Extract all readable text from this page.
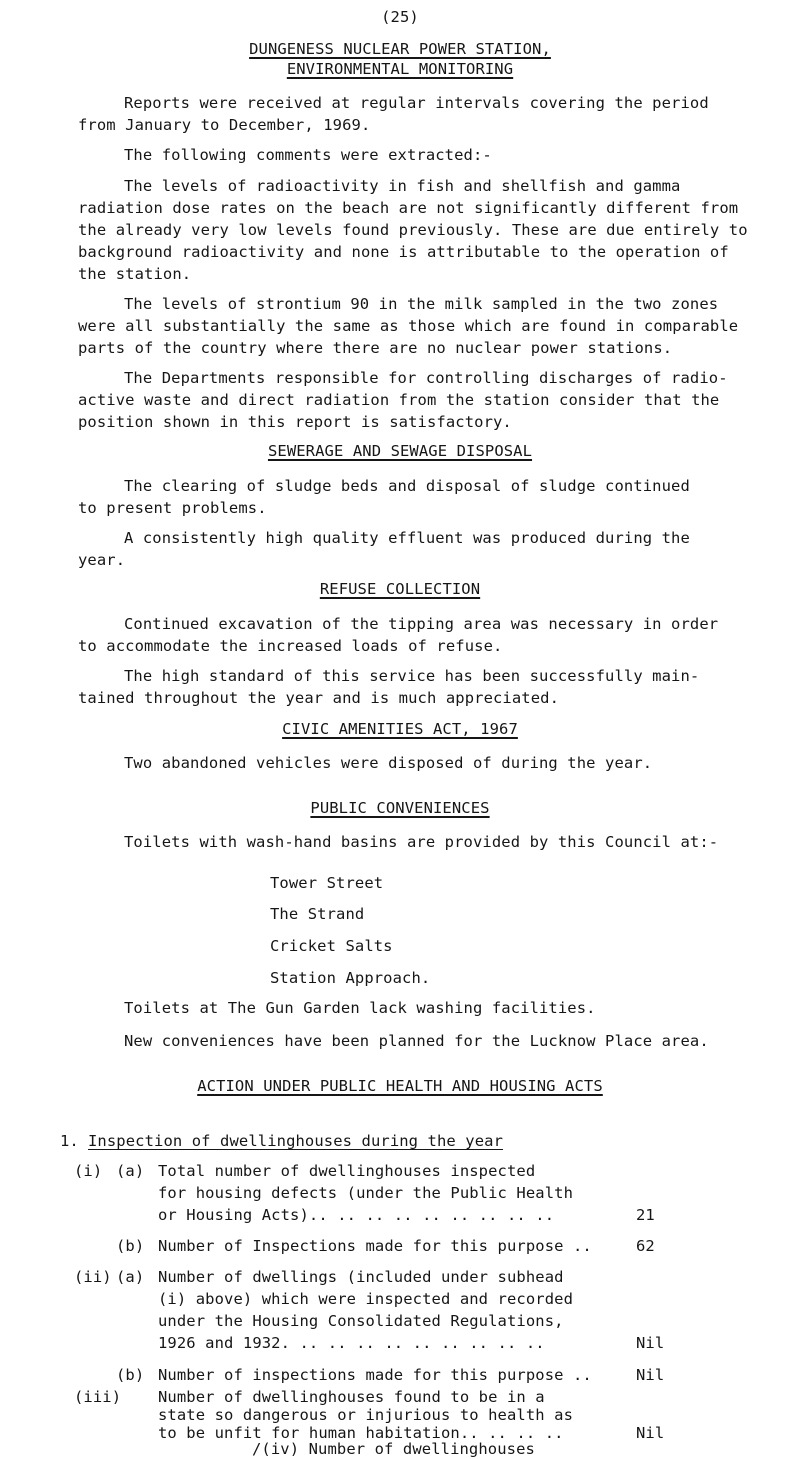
(25)
DUNGENESS NUCLEAR POWER STATION,
ENVIRONMENTAL MONITORING
Reports were received at regular intervals covering the period
from January to December, 1969.
The following comments were extracted:-
The levels of radioactivity in fish and shellfish and gamma
radiation dose rates on the beach are not significantly different from
the already very low levels found previously. These are due entirely to
background radioactivity and none is attributable to the operation of
the station.
The levels of strontium 90 in the milk sampled in the two zones
were all substantially the same as those which are found in comparable
parts of the country where there are no nuclear power stations.
The Departments responsible for controlling discharges of radio-
active waste and direct radiation from the station consider that the
position shown in this report is satisfactory.
SEWERAGE AND SEWAGE DISPOSAL
The clearing of sludge beds and disposal of sludge continued
to present problems.
A consistently high quality effluent was produced during the
year.
REFUSE COLLECTION
Continued excavation of the tipping area was necessary in order
to accommodate the increased loads of refuse.
The high standard of this service has been successfully main-
tained throughout the year and is much appreciated.
CIVIC AMENITIES ACT, 1967
Two abandoned vehicles were disposed of during the year.
PUBLIC CONVENIENCES
Toilets with wash-hand basins are provided by this Council at:-
Tower Street
The Strand
Cricket Salts
Station Approach.
Toilets at The Gun Garden lack washing facilities.
New conveniences have been planned for the Lucknow Place area.
ACTION UNDER PUBLIC HEALTH AND HOUSING ACTS
1. Inspection of dwellinghouses during the year
(i) (a) Total number of dwellinghouses inspected
for housing defects (under the Public Health
or Housing Acts).. .. .. .. .. .. .. .. ..	21
(b) Number of Inspections made for this purpose ..	62
(ii) (a) Number of dwellings (included under subhead
(i) above) which were inspected and recorded
under the Housing Consolidated Regulations,
1926 and 1932. .. .. .. .. .. .. .. .. ..	Nil
(b) Number of inspections made for this purpose ..	Nil
(iii) Number of dwellinghouses found to be in a
state so dangerous or injurious to health as
to be unfit for human habitation.. .. .. ..	Nil
/(iv) Number of dwellinghouses
